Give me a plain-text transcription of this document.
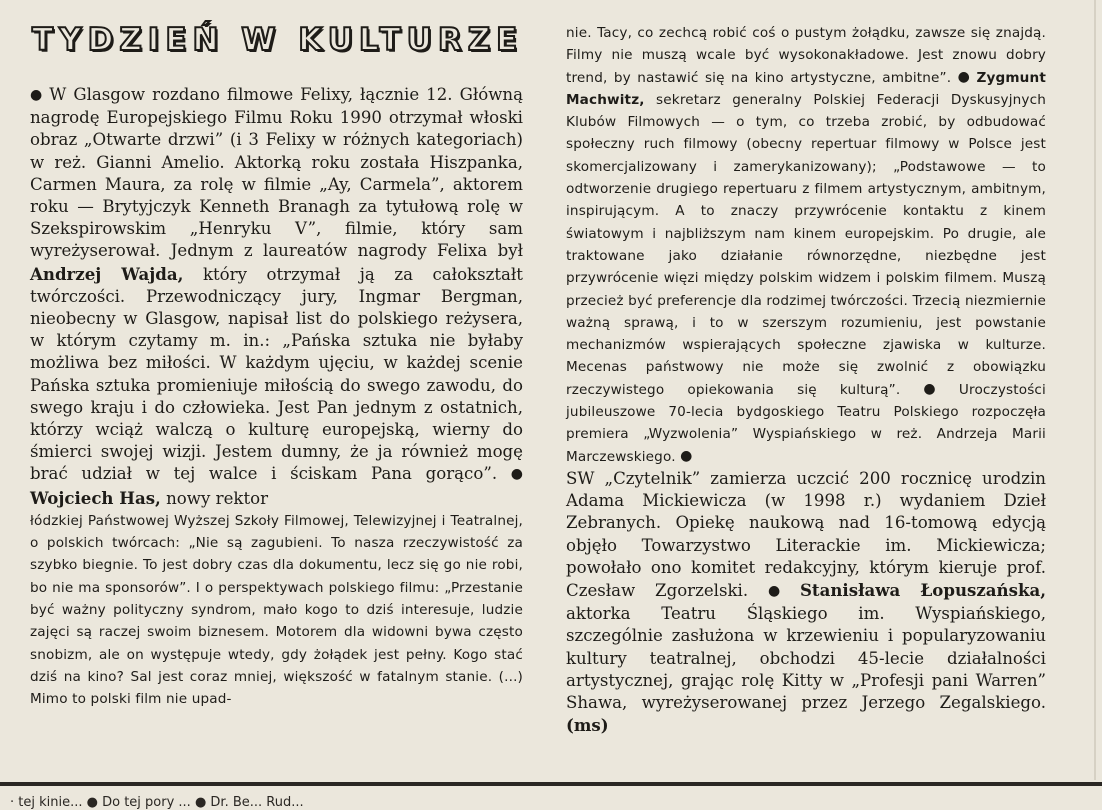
TYDZIEŃ W KULTURZE

● W Glasgow rozdano filmowe Felixy, łącznie 12. Główną nagrodę Europejskiego Filmu Roku 1990 otrzymał włoski obraz „Otwarte drzwi” (i 3 Felixy w różnych kategoriach) w reż. Gianni Amelio. Aktorką roku została Hiszpanka, Carmen Maura, za rolę w filmie „Ay, Carmela”, aktorem roku — Brytyjczyk Kenneth Branagh za tytułową rolę w Szekspirowskim „Henryku V”, filmie, który sam wyreżyserował. Jednym z laureatów nagrody Felixa był Andrzej Wajda, który otrzymał ją za całokształt twórczości. Przewodniczący jury, Ingmar Bergman, nieobecny w Glasgow, napisał list do polskiego reżysera, w którym czytamy m. in.: „Pańska sztuka nie byłaby możliwa bez miłości. W każdym ujęciu, w każdej scenie Pańska sztuka promieniuje miłością do swego zawodu, do swego kraju i do człowieka. Jest Pan jednym z ostatnich, którzy wciąż walczą o kulturę europejską, wierny do śmierci swojej wizji. Jestem dumny, że ja również mogę brać udział w tej walce i ściskam Pana gorąco”. ● Wojciech Has, nowy rektor

łódzkiej Państwowej Wyższej Szkoły Filmowej, Telewizyjnej i Teatralnej, o polskich twórcach: „Nie są zagubieni. To nasza rzeczywistość za szybko biegnie. To jest dobry czas dla dokumentu, lecz się go nie robi, bo nie ma sponsorów”. I o perspektywach polskiego filmu: „Przestanie być ważny polityczny syndrom, mało kogo to dziś interesuje, ludzie zajęci są raczej swoim biznesem. Motorem dla widowni bywa często snobizm, ale on występuje wtedy, gdy żołądek jest pełny. Kogo stać dziś na kino? Sal jest coraz mniej, większość w fatalnym stanie. (...) Mimo to polski film nie upad-

nie. Tacy, co zechcą robić coś o pustym żołądku, zawsze się znajdą. Filmy nie muszą wcale być wysokonakładowe. Jest znowu dobry trend, by nastawić się na kino artystyczne, ambitne”. ● Zygmunt Machwitz, sekretarz generalny Polskiej Federacji Dyskusyjnych Klubów Filmowych — o tym, co trzeba zrobić, by odbudować społeczny ruch filmowy (obecny repertuar filmowy w Polsce jest skomercjalizowany i zamerykanizowany); „Podstawowe — to odtworzenie drugiego repertuaru z filmem artystycznym, ambitnym, inspirującym. A to znaczy przywrócenie kontaktu z kinem światowym i najbliższym nam kinem europejskim. Po drugie, ale traktowane jako działanie równorzędne, niezbędne jest przywrócenie więzi między polskim widzem i polskim filmem. Muszą przecież być preferencje dla rodzimej twórczości. Trzecią niezmiernie ważną sprawą, i to w szerszym rozumieniu, jest powstanie mechanizmów wspierających społeczne zjawiska w kulturze. Mecenas państwowy nie może się zwolnić z obowiązku rzeczywistego opiekowania się kulturą”. ● Uroczystości jubileuszowe 70-lecia bydgoskiego Teatru Polskiego rozpoczęła premiera „Wyzwolenia” Wyspiańskiego w reż. Andrzeja Marii Marczewskiego. ●

SW „Czytelnik” zamierza uczcić 200 rocznicę urodzin Adama Mickiewicza (w 1998 r.) wydaniem Dzieł Zebranych. Opiekę naukową nad 16-tomową edycją objęło Towarzystwo Literackie im. Mickiewicza; powołało ono komitet redakcyjny, którym kieruje prof. Czesław Zgorzelski. ● Stanisława Łopuszańska, aktorka Teatru Śląskiego im. Wyspiańskiego, szczególnie zasłużona w krzewieniu i popularyzowaniu kultury teatralnej, obchodzi 45-lecie działalności artystycznej, grając rolę Kitty w „Profesji pani Warren” Shawa, wyreżyserowanej przez Jerzego Zegalskiego. (ms)

· tej kinie... ● Do tej pory ... ● Dr. Be... Rud...
